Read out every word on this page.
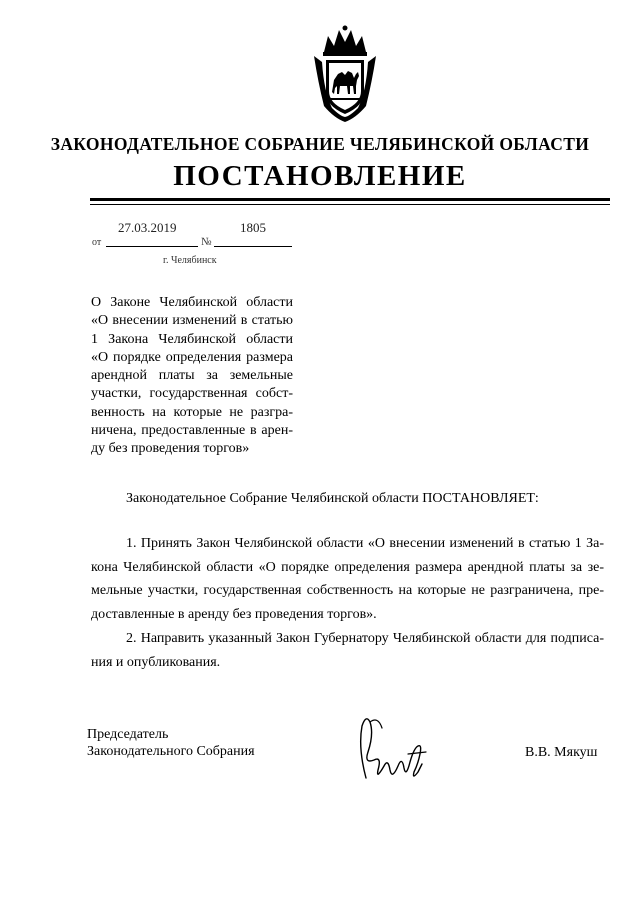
ЗАКОНОДАТЕЛЬНОЕ СОБРАНИЕ ЧЕЛЯБИНСКОЙ ОБЛАСТИ
ПОСТАНОВЛЕНИЕ
27.03.2019	1805
от	№
г. Челябинск
О Законе Челябинской области
«О внесении изменений в статью
1 Закона Челябинской области
«О порядке определения размера
арендной платы за земельные
участки, государственная собст-
венность на которые не разгра-
ничена, предоставленные в арен-
ду без проведения торгов»
Законодательное Собрание Челябинской области ПОСТАНОВЛЯЕТ:
1. Принять Закон Челябинской области «О внесении изменений в статью 1 За-
кона Челябинской области «О порядке определения размера арендной платы за зе-
мельные участки, государственная собственность на которые не разграничена, пре-
доставленные в аренду без проведения торгов».
2. Направить указанный Закон Губернатору Челябинской области для подписа-
ния и опубликования.
Председатель
Законодательного Собрания	В.В. Мякуш
